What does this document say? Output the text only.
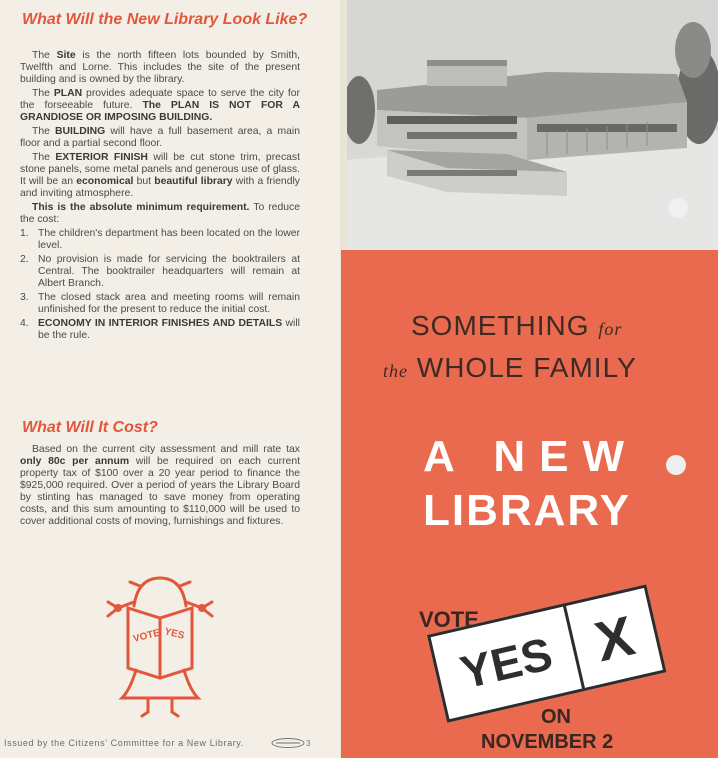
What Will the New Library Look Like?

The Site is the north fifteen lots bounded by Smith, Twelfth and Lorne. This includes the site of the present building and is owned by the library.

The PLAN provides adequate space to serve the city for the forseeable future. The PLAN IS NOT FOR A GRANDIOSE OR IMPOSING BUILDING.

The BUILDING will have a full basement area, a main floor and a partial second floor.

The EXTERIOR FINISH will be cut stone trim, precast stone panels, some metal panels and generous use of glass. It will be an economical but beautiful library with a friendly and inviting atmosphere.

This is the absolute minimum requirement. To reduce the cost:

1. The children's department has been located on the lower level.
2. No provision is made for servicing the booktrailers at Central. The booktrailer headquarters will remain at Albert Branch.
3. The closed stack area and meeting rooms will remain unfinished for the present to reduce the initial cost.
4. ECONOMY IN INTERIOR FINISHES AND DETAILS will be the rule.
What Will It Cost?

Based on the current city assessment and mill rate tax only 80c per annum will be required on each current property tax of $100 over a 20 year period to finance the $925,000 required. Over a period of years the Library Board by stinting has managed to save money from operating costs, and this sum amounting to $110,000 will be used to cover additional costs of moving, furnishings and fixtures.

VOTE YES
Issued by the Citizens' Committee for a New Library.	3
SOMETHING for
the WHOLE FAMILY
A NEW
LIBRARY
VOTE
YES X
ON
NOVEMBER 2
